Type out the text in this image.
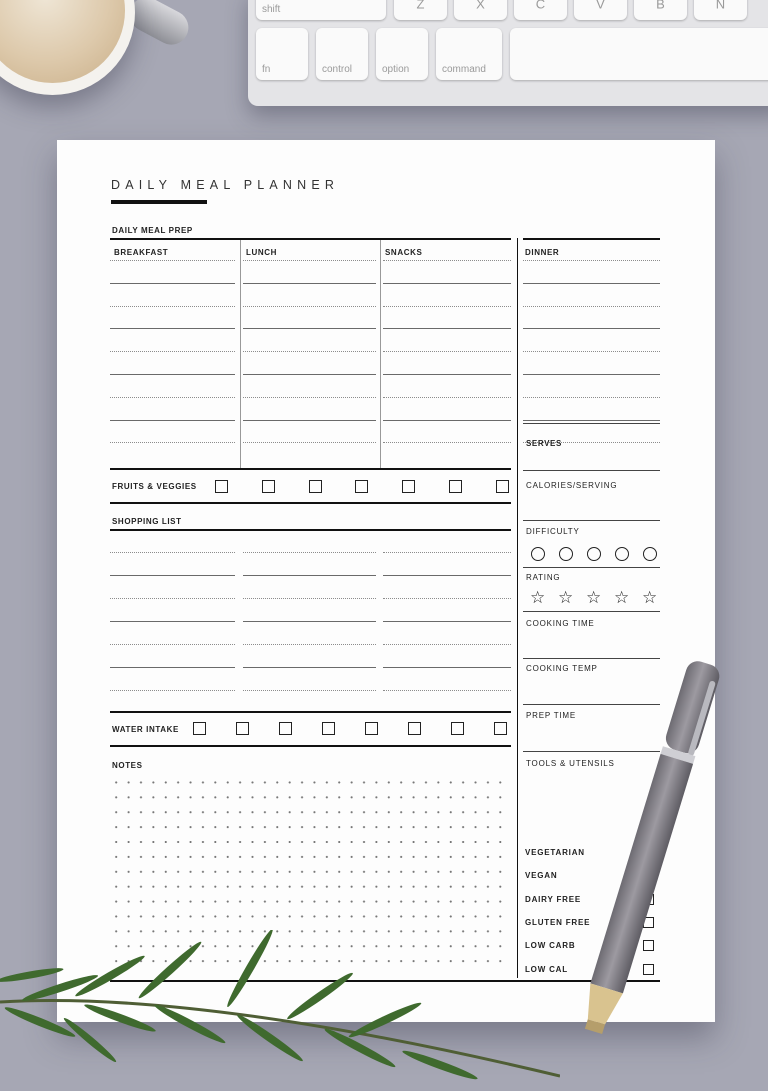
shift	Z	X	C	V	B	N
fn	control	option	command
DAILY MEAL PLANNER
DAILY MEAL PREP
BREAKFAST	LUNCH	SNACKS	DINNER
FRUITS & VEGGIES
SHOPPING LIST
WATER INTAKE
NOTES
SERVES
CALORIES/SERVING
DIFFICULTY
RATING
☆ ☆ ☆ ☆ ☆
COOKING TIME
COOKING TEMP
PREP TIME
TOOLS & UTENSILS
VEGETARIAN
VEGAN
DAIRY FREE
GLUTEN FREE
LOW CARB
LOW CAL
